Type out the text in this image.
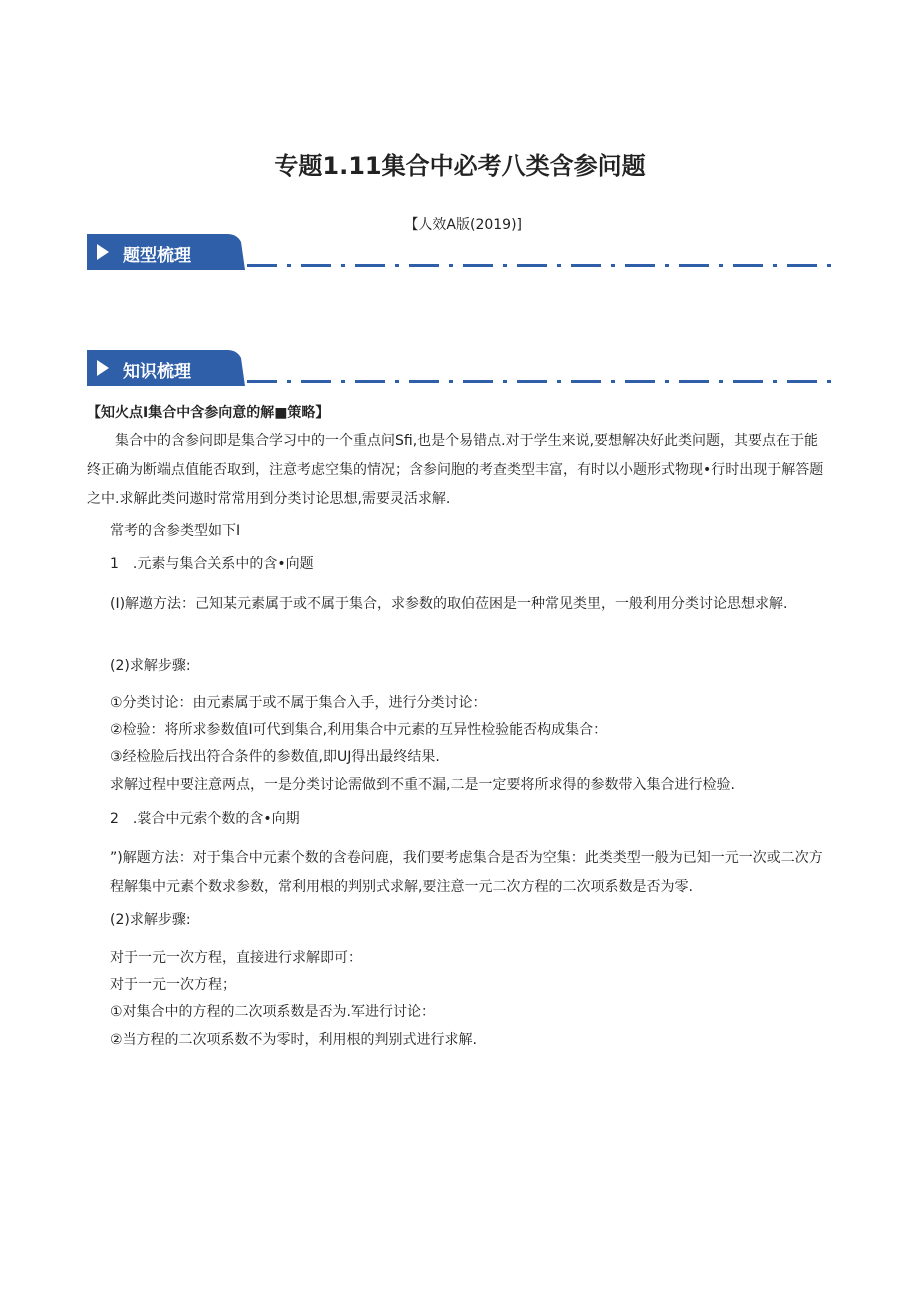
专题1.11集合中必考八类含参问题
【人效A版(2019)]
题型梳理
知识梳理
【知火点I集合中含参向意的解■策略】
集合中的含参问即是集合学习中的一个重点问Sfi,也是个易错点.对于学生来说,要想解决好此类问题，其要点在于能终正确为断端点值能否取到，注意考虑空集的情况；含参问胞的考查类型丰富，有时以小题形式物现•行时出现于解答题之中.求解此类问遨时常常用到分类讨论思想,需要灵活求解.
常考的含参类型如下I
1　.元素与集合关系中的含•向题
(I)解遨方法：己知某元素属于或不属于集合，求参数的取伯莅困是一种常见类里，一般利用分类讨论思想求解.
(2)求解步骤:
①分类讨论：由元素属于或不属于集合入手，进行分类讨论：
②检验：将所求参数值I可代到集合,利用集合中元素的互异性检验能否构成集合：
③经检脸后找出符合条件的参数值,即UJ得出最终结果.
求解过程中要注意两点，一是分类讨论需做到不重不漏,二是一定要将所求得的参数带入集合进行检验.
2　.裳合中元索个数的含•向期
”)解题方法：对于集合中元素个数的含卷问鹿，我们要考虑集合是否为空集：此类类型一般为已知一元一次或二次方程解集中元素个数求参数，常利用根的判别式求解,要注意一元二次方程的二次项系数是否为零.
(2)求解步骤:
对于一元一次方程，直接进行求解即可：
对于一元一次方程；
①对集合中的方程的二次项系数是否为.军进行讨论：
②当方程的二次项系数不为零时，利用根的判别式进行求解.
